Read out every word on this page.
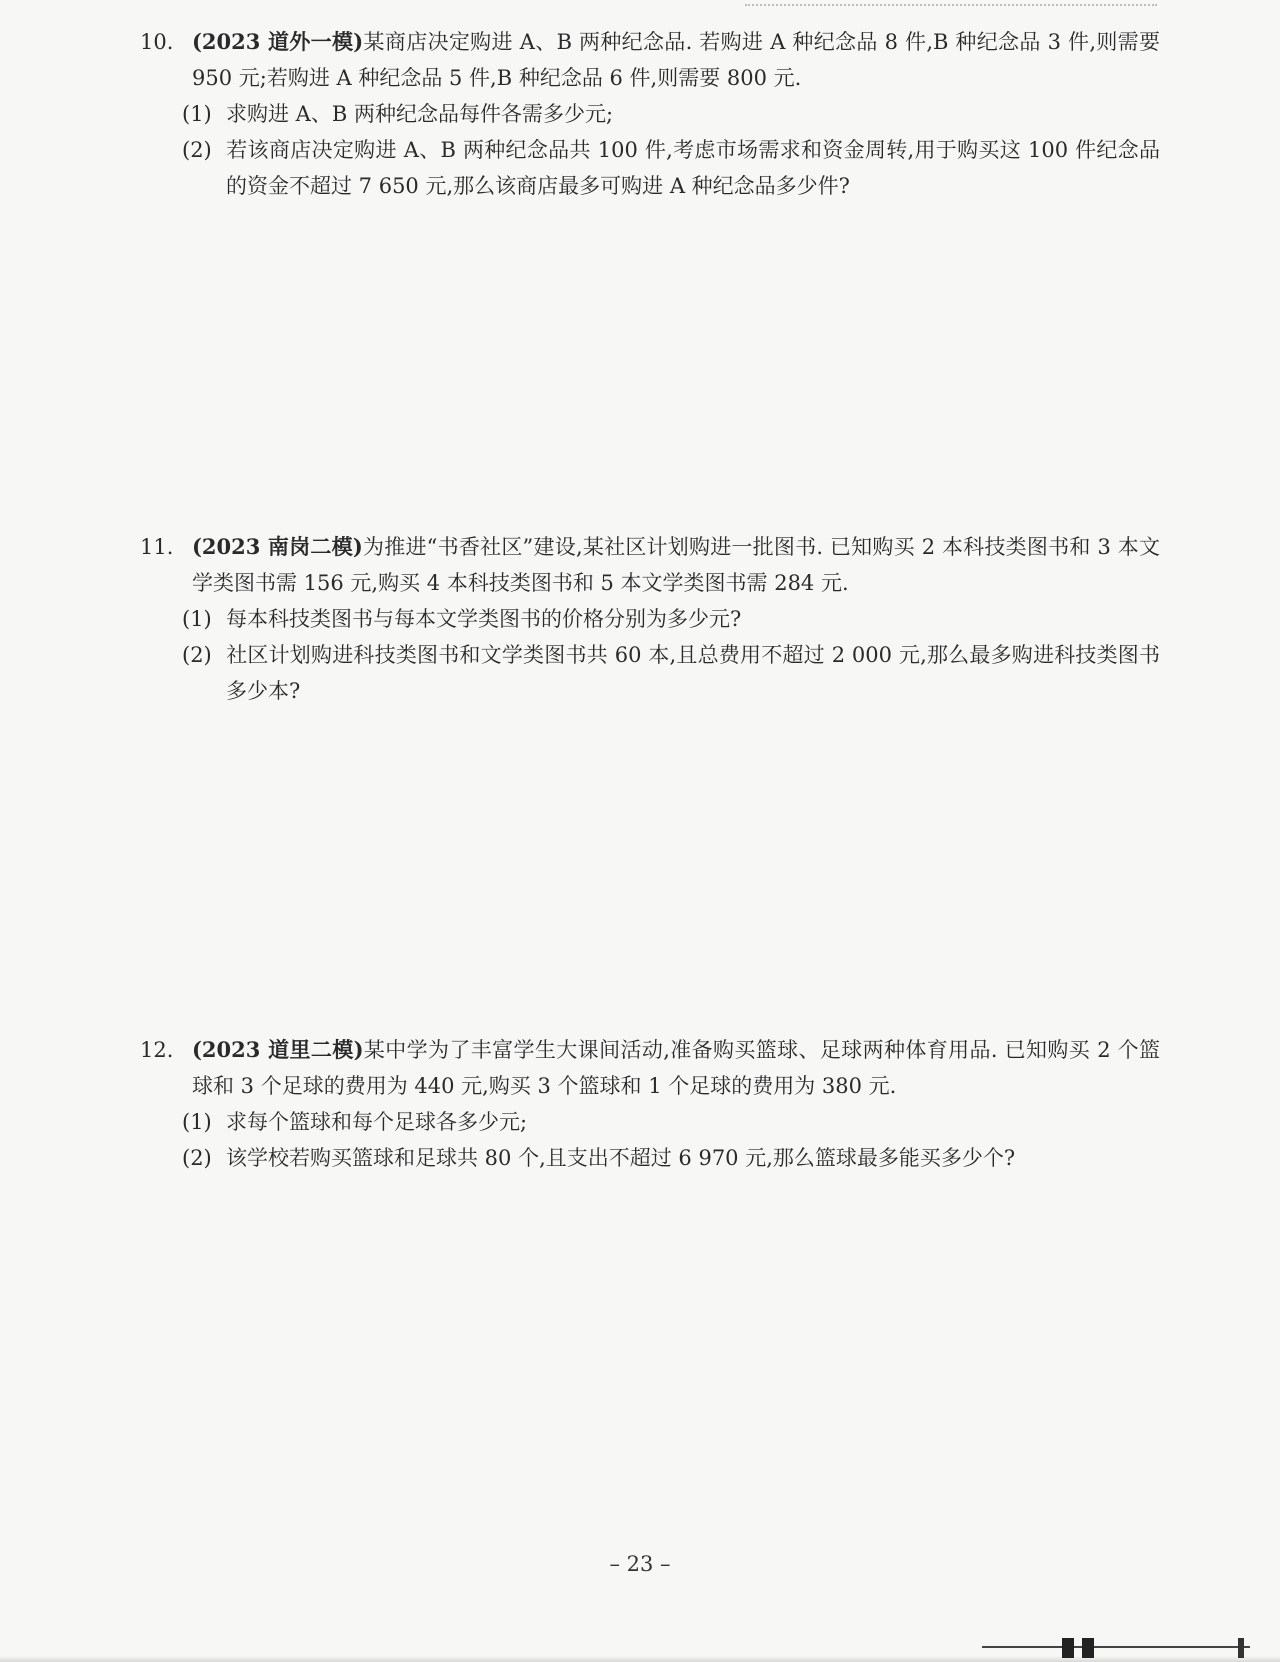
10. (2023 道外一模)某商店决定购进 A、B 两种纪念品. 若购进 A 种纪念品 8 件,B 种纪念品 3 件,则需要 950 元;若购进 A 种纪念品 5 件,B 种纪念品 6 件,则需要 800 元.

(1) 求购进 A、B 两种纪念品每件各需多少元;

(2) 若该商店决定购进 A、B 两种纪念品共 100 件,考虑市场需求和资金周转,用于购买这 100 件纪念品的资金不超过 7 650 元,那么该商店最多可购进 A 种纪念品多少件?

11. (2023 南岗二模)为推进“书香社区”建设,某社区计划购进一批图书. 已知购买 2 本科技类图书和 3 本文学类图书需 156 元,购买 4 本科技类图书和 5 本文学类图书需 284 元.

(1) 每本科技类图书与每本文学类图书的价格分别为多少元?

(2) 社区计划购进科技类图书和文学类图书共 60 本,且总费用不超过 2 000 元,那么最多购进科技类图书多少本?

12. (2023 道里二模)某中学为了丰富学生大课间活动,准备购买篮球、足球两种体育用品. 已知购买 2 个篮球和 3 个足球的费用为 440 元,购买 3 个篮球和 1 个足球的费用为 380 元.

(1) 求每个篮球和每个足球各多少元;

(2) 该学校若购买篮球和足球共 80 个,且支出不超过 6 970 元,那么篮球最多能买多少个?

– 23 –
